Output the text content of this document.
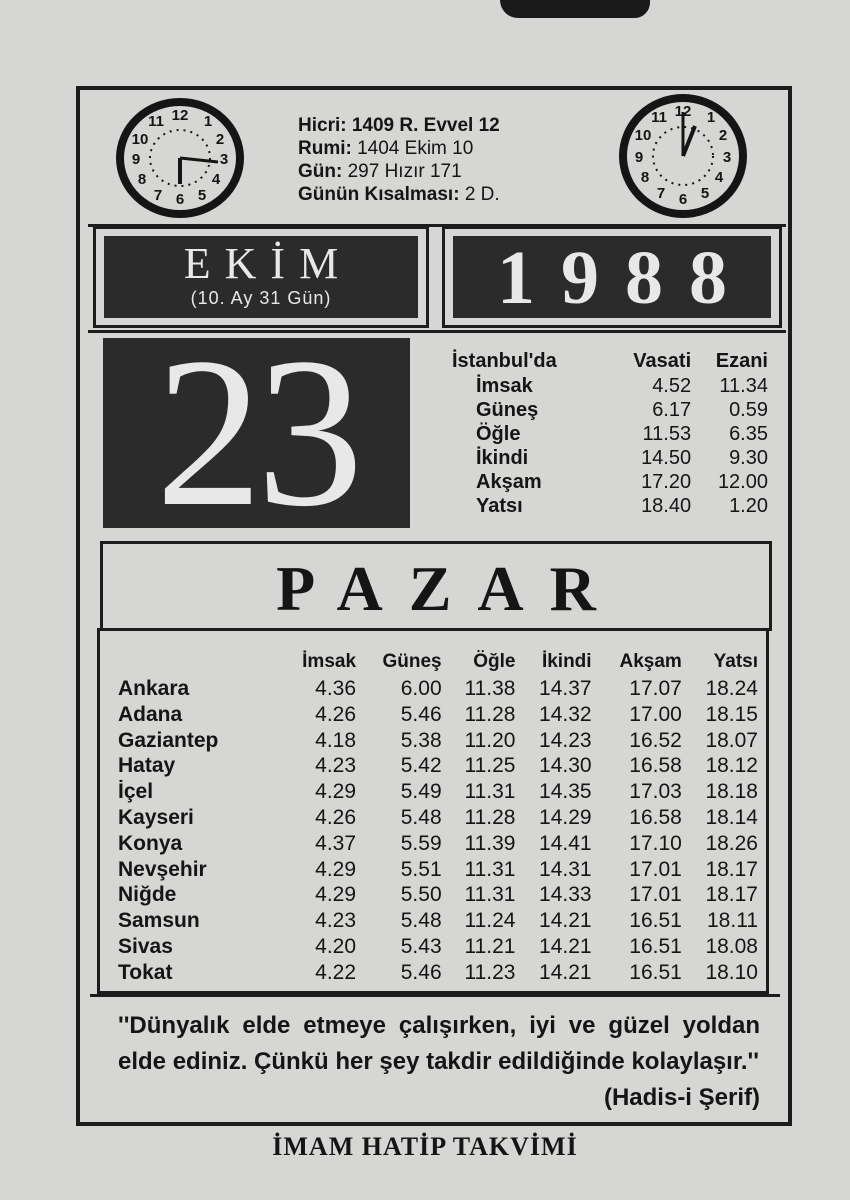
12 1
2
3
4
5
6
7
8
9
10
11	Hicri: 1409 R. Evvel 12
Rumi: 1404 Ekim 10
Gün: 297 Hızır 171
Günün Kısalması: 2 D.
12 1
2
3
4
5
6
7
8
9
10
11
EKİM
(10. Ay 31 Gün)	1988
23	İstanbul'da	Vasati	Ezani
İmsak	4.52	11.34
Güneş	6.17	0.59
Öğle	11.53	6.35
İkindi	14.50	9.30
Akşam	17.20	12.00
Yatsı	18.40	1.20
PAZAR
	İmsak	Güneş	Öğle	İkindi	Akşam	Yatsı
Ankara	4.36	6.00	11.38	14.37	17.07	18.24
Adana	4.26	5.46	11.28	14.32	17.00	18.15
Gaziantep	4.18	5.38	11.20	14.23	16.52	18.07
Hatay	4.23	5.42	11.25	14.30	16.58	18.12
İçel	4.29	5.49	11.31	14.35	17.03	18.18
Kayseri	4.26	5.48	11.28	14.29	16.58	18.14
Konya	4.37	5.59	11.39	14.41	17.10	18.26
Nevşehir	4.29	5.51	11.31	14.31	17.01	18.17
Niğde	4.29	5.50	11.31	14.33	17.01	18.17
Samsun	4.23	5.48	11.24	14.21	16.51	18.11
Sivas	4.20	5.43	11.21	14.21	16.51	18.08
Tokat	4.22	5.46	11.23	14.21	16.51	18.10
''Dünyalık elde etmeye çalışırken, iyi ve güzel yoldan elde ediniz. Çünkü her şey takdir edildiğinde kolaylaşır.''
(Hadis-i Şerif)
İMAM HATİP TAKVİMİ
